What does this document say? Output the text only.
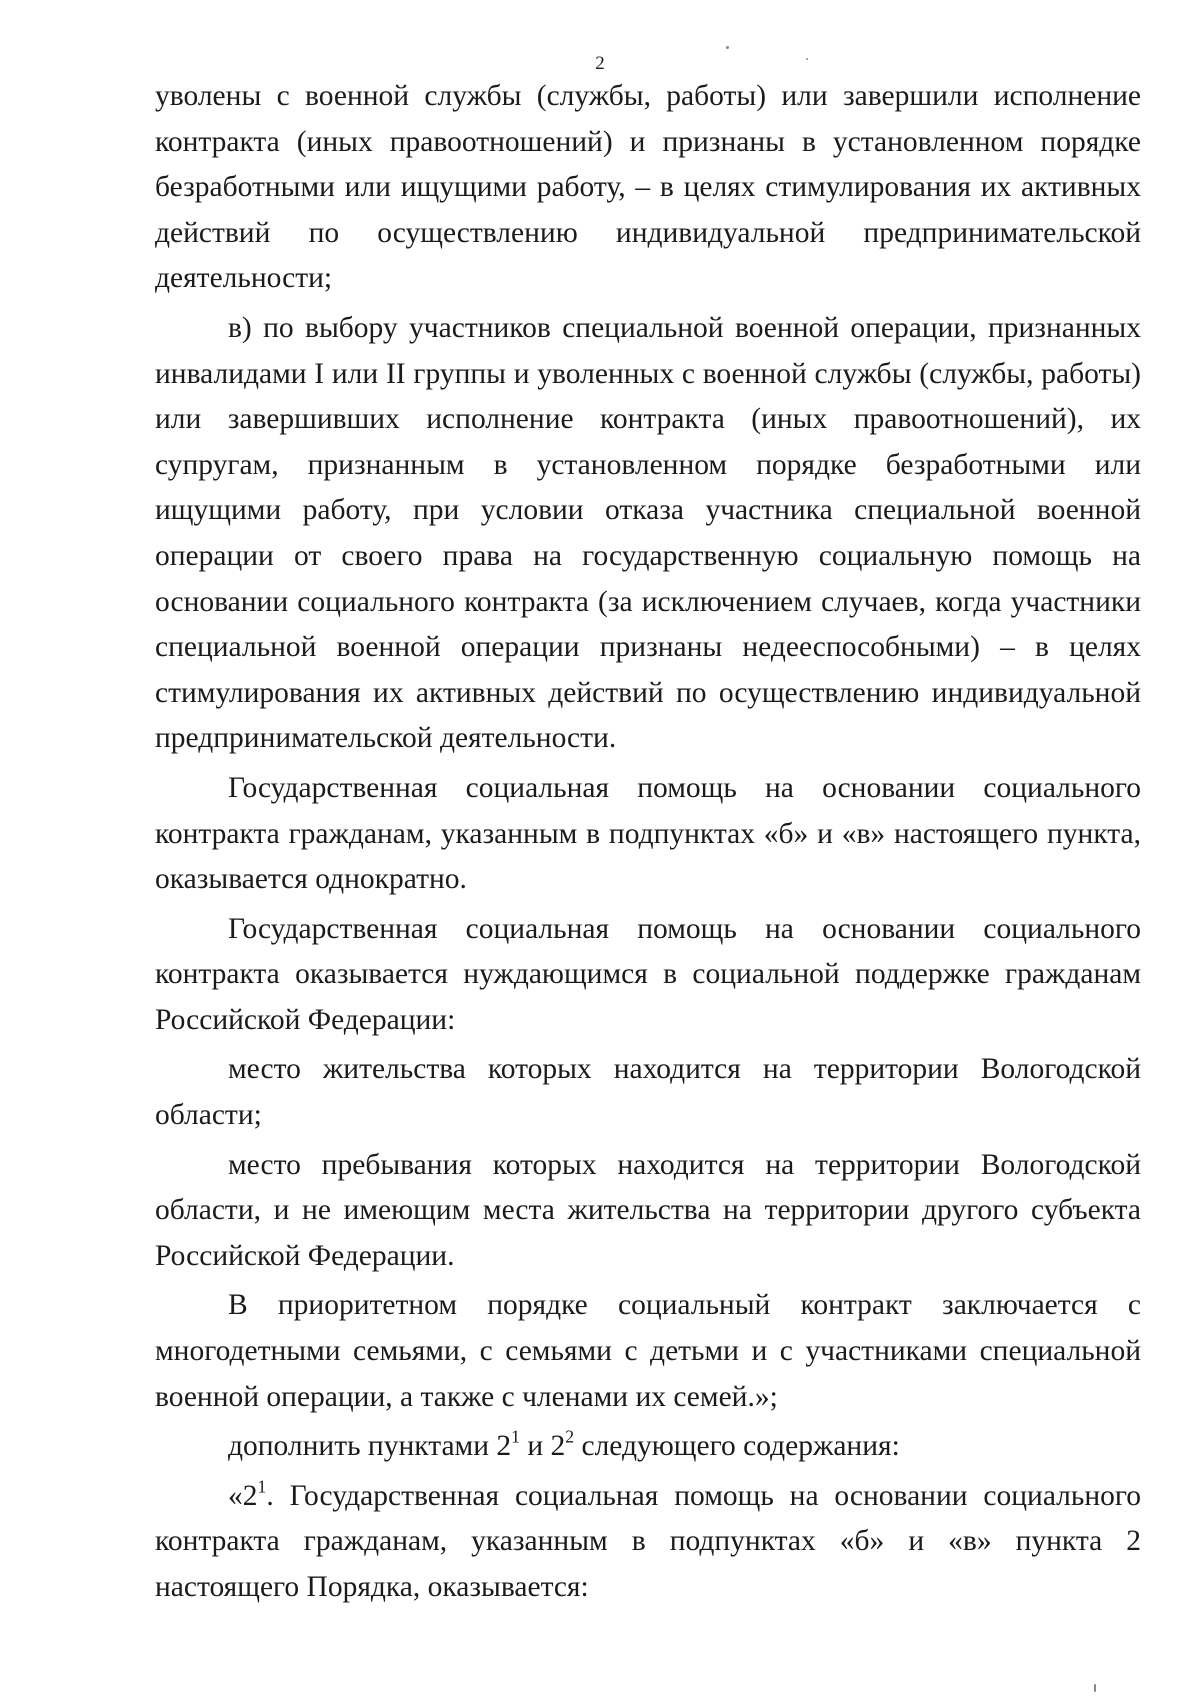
2

уволены с военной службы (службы, работы) или завершили исполнение контракта (иных правоотношений) и признаны в установленном порядке безработными или ищущими работу, – в целях стимулирования их активных действий по осуществлению индивидуальной предпринимательской деятельности;

в) по выбору участников специальной военной операции, признанных инвалидами I или II группы и уволенных с военной службы (службы, работы) или завершивших исполнение контракта (иных правоотношений), их супругам, признанным в установленном порядке безработными или ищущими работу, при условии отказа участника специальной военной операции от своего права на государственную социальную помощь на основании социального контракта (за исключением случаев, когда участники специальной военной операции признаны недееспособными) – в целях стимулирования их активных действий по осуществлению индивидуальной предпринимательской деятельности.

Государственная социальная помощь на основании социального контракта гражданам, указанным в подпунктах «б» и «в» настоящего пункта, оказывается однократно.

Государственная социальная помощь на основании социального контракта оказывается нуждающимся в социальной поддержке гражданам Российской Федерации:

место жительства которых находится на территории Вологодской области;

место пребывания которых находится на территории Вологодской области, и не имеющим места жительства на территории другого субъекта Российской Федерации.

В приоритетном порядке социальный контракт заключается с многодетными семьями, с семьями с детьми и с участниками специальной военной операции, а также с членами их семей.»;

дополнить пунктами $2^1$ и $2^2$ следующего содержания:

«$2^1$. Государственная социальная помощь на основании социального контракта гражданам, указанным в подпунктах «б» и «в» пункта 2 настоящего Порядка, оказывается:
